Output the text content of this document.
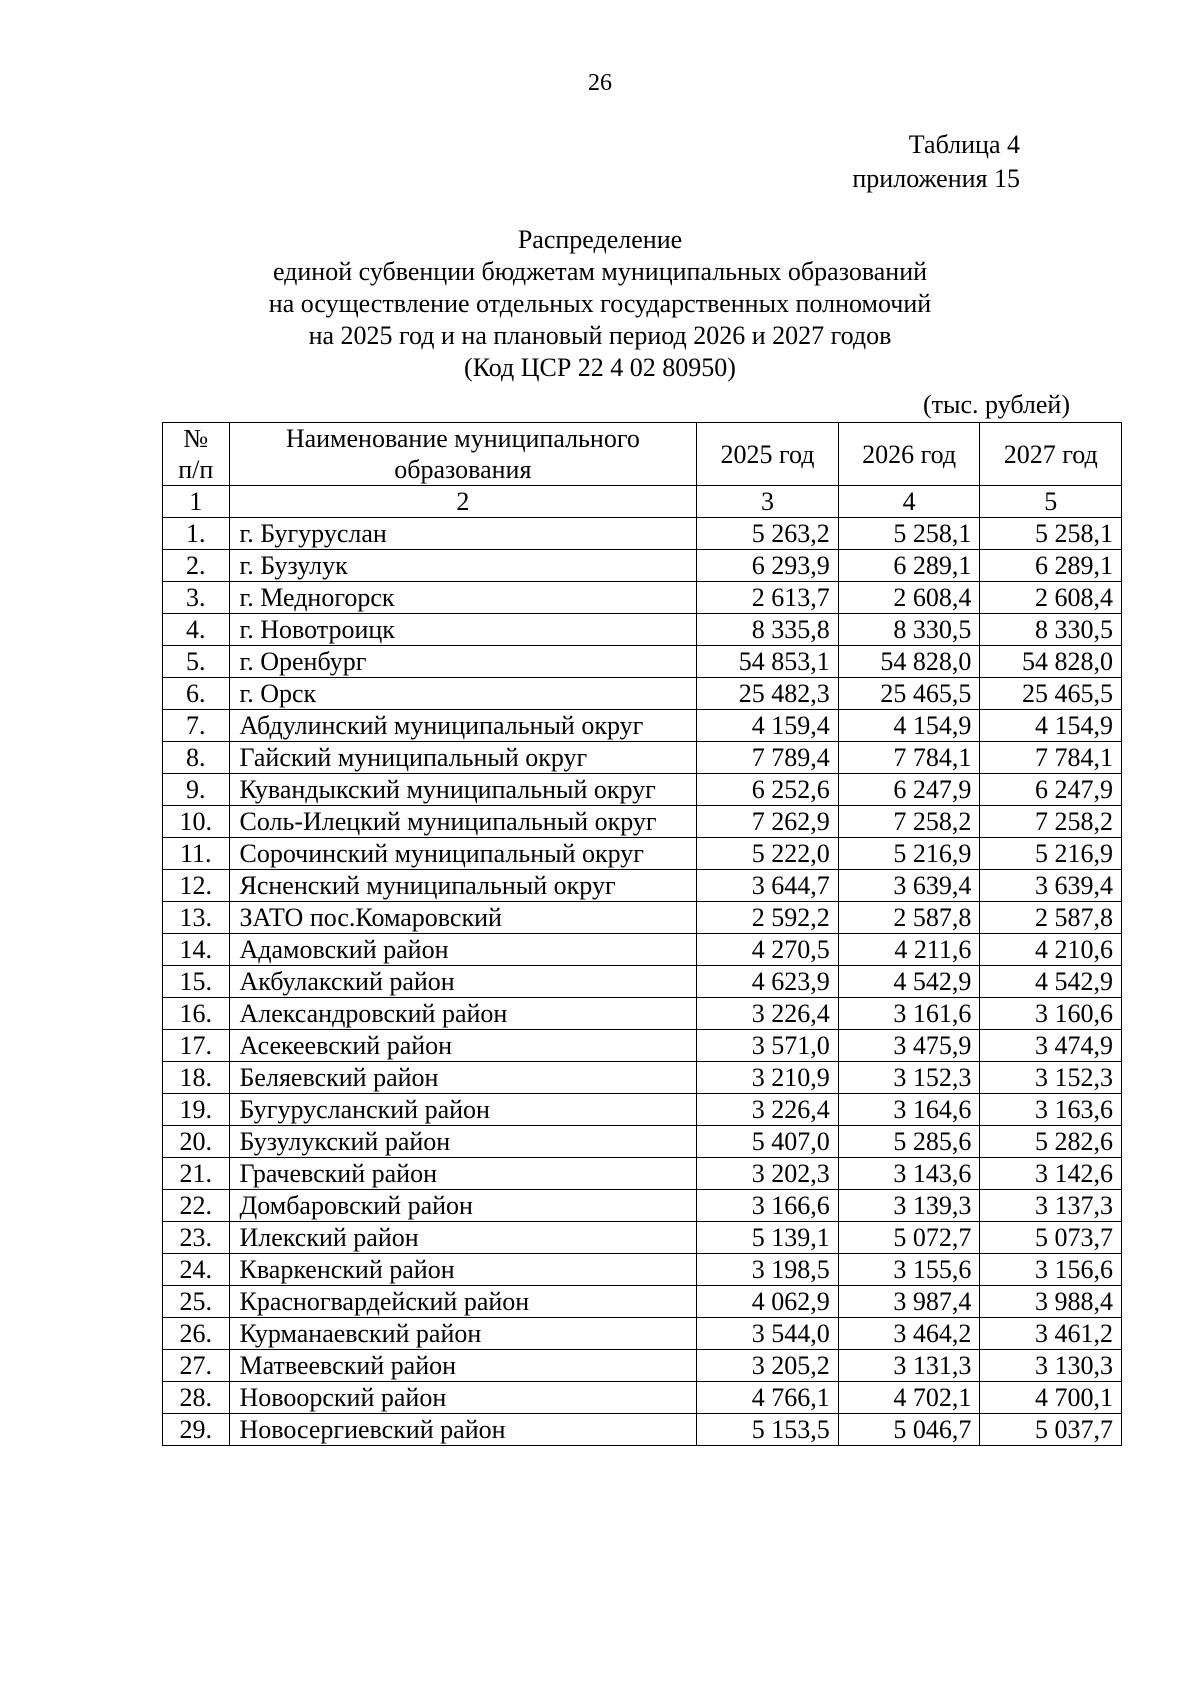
26
Таблица 4
приложения 15
Распределение
единой субвенции бюджетам муниципальных образований
на осуществление отдельных государственных полномочий
на 2025 год и на плановый период 2026 и 2027 годов
(Код ЦСР 22 4 02 80950)
(тыс. рублей)
№ п/п	Наименование муниципального образования	2025 год	2026 год	2027 год
1	2	3	4	5
1.	г. Бугуруслан	5 263,2	5 258,1	5 258,1
2.	г. Бузулук	6 293,9	6 289,1	6 289,1
3.	г. Медногорск	2 613,7	2 608,4	2 608,4
4.	г. Новотроицк	8 335,8	8 330,5	8 330,5
5.	г. Оренбург	54 853,1	54 828,0	54 828,0
6.	г. Орск	25 482,3	25 465,5	25 465,5
7.	Абдулинский муниципальный округ	4 159,4	4 154,9	4 154,9
8.	Гайский муниципальный округ	7 789,4	7 784,1	7 784,1
9.	Кувандыкский муниципальный округ	6 252,6	6 247,9	6 247,9
10.	Соль-Илецкий муниципальный округ	7 262,9	7 258,2	7 258,2
11.	Сорочинский муниципальный округ	5 222,0	5 216,9	5 216,9
12.	Ясненский муниципальный округ	3 644,7	3 639,4	3 639,4
13.	ЗАТО пос.Комаровский	2 592,2	2 587,8	2 587,8
14.	Адамовский район	4 270,5	4 211,6	4 210,6
15.	Акбулакский район	4 623,9	4 542,9	4 542,9
16.	Александровский район	3 226,4	3 161,6	3 160,6
17.	Асекеевский район	3 571,0	3 475,9	3 474,9
18.	Беляевский район	3 210,9	3 152,3	3 152,3
19.	Бугурусланский район	3 226,4	3 164,6	3 163,6
20.	Бузулукский район	5 407,0	5 285,6	5 282,6
21.	Грачевский район	3 202,3	3 143,6	3 142,6
22.	Домбаровский район	3 166,6	3 139,3	3 137,3
23.	Илекский район	5 139,1	5 072,7	5 073,7
24.	Кваркенский район	3 198,5	3 155,6	3 156,6
25.	Красногвардейский район	4 062,9	3 987,4	3 988,4
26.	Курманаевский район	3 544,0	3 464,2	3 461,2
27.	Матвеевский район	3 205,2	3 131,3	3 130,3
28.	Новоорский район	4 766,1	4 702,1	4 700,1
29.	Новосергиевский район	5 153,5	5 046,7	5 037,7
